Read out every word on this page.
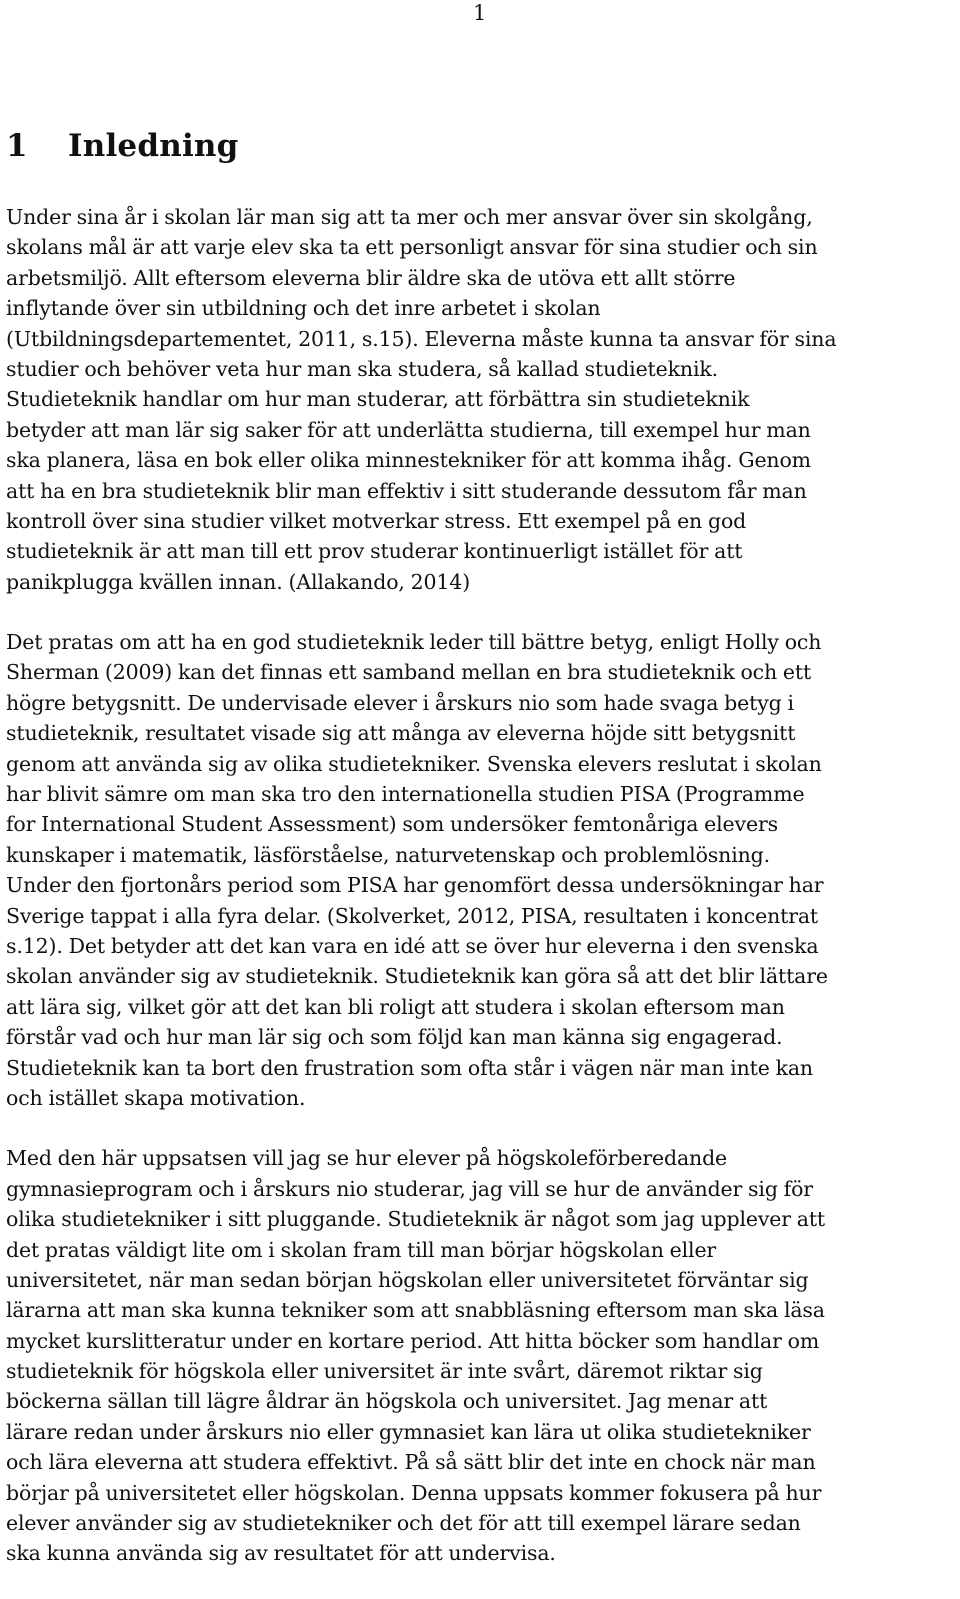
1
1 Inledning

Under sina år i skolan lär man sig att ta mer och mer ansvar över sin skolgång,
skolans mål är att varje elev ska ta ett personligt ansvar för sina studier och sin
arbetsmiljö. Allt eftersom eleverna blir äldre ska de utöva ett allt större
inflytande över sin utbildning och det inre arbetet i skolan
(Utbildningsdepartementet, 2011, s.15). Eleverna måste kunna ta ansvar för sina
studier och behöver veta hur man ska studera, så kallad studieteknik.
Studieteknik handlar om hur man studerar, att förbättra sin studieteknik
betyder att man lär sig saker för att underlätta studierna, till exempel hur man
ska planera, läsa en bok eller olika minnestekniker för att komma ihåg. Genom
att ha en bra studieteknik blir man effektiv i sitt studerande dessutom får man
kontroll över sina studier vilket motverkar stress. Ett exempel på en god
studieteknik är att man till ett prov studerar kontinuerligt istället för att
panikplugga kvällen innan. (Allakando, 2014)

Det pratas om att ha en god studieteknik leder till bättre betyg, enligt Holly och
Sherman (2009) kan det finnas ett samband mellan en bra studieteknik och ett
högre betygsnitt. De undervisade elever i årskurs nio som hade svaga betyg i
studieteknik, resultatet visade sig att många av eleverna höjde sitt betygsnitt
genom att använda sig av olika studietekniker. Svenska elevers reslutat i skolan
har blivit sämre om man ska tro den internationella studien PISA (Programme
for International Student Assessment) som undersöker femtonåriga elevers
kunskaper i matematik, läsförståelse, naturvetenskap och problemlösning.
Under den fjortonårs period som PISA har genomfört dessa undersökningar har
Sverige tappat i alla fyra delar. (Skolverket, 2012, PISA, resultaten i koncentrat
s.12). Det betyder att det kan vara en idé att se över hur eleverna i den svenska
skolan använder sig av studieteknik. Studieteknik kan göra så att det blir lättare
att lära sig, vilket gör att det kan bli roligt att studera i skolan eftersom man
förstår vad och hur man lär sig och som följd kan man känna sig engagerad.
Studieteknik kan ta bort den frustration som ofta står i vägen när man inte kan
och istället skapa motivation.

Med den här uppsatsen vill jag se hur elever på högskoleförberedande
gymnasieprogram och i årskurs nio studerar, jag vill se hur de använder sig för
olika studietekniker i sitt pluggande. Studieteknik är något som jag upplever att
det pratas väldigt lite om i skolan fram till man börjar högskolan eller
universitetet, när man sedan början högskolan eller universitetet förväntar sig
lärarna att man ska kunna tekniker som att snabbläsning eftersom man ska läsa
mycket kurslitteratur under en kortare period. Att hitta böcker som handlar om
studieteknik för högskola eller universitet är inte svårt, däremot riktar sig
böckerna sällan till lägre åldrar än högskola och universitet. Jag menar att
lärare redan under årskurs nio eller gymnasiet kan lära ut olika studietekniker
och lära eleverna att studera effektivt. På så sätt blir det inte en chock när man
börjar på universitetet eller högskolan. Denna uppsats kommer fokusera på hur
elever använder sig av studietekniker och det för att till exempel lärare sedan
ska kunna använda sig av resultatet för att undervisa.
